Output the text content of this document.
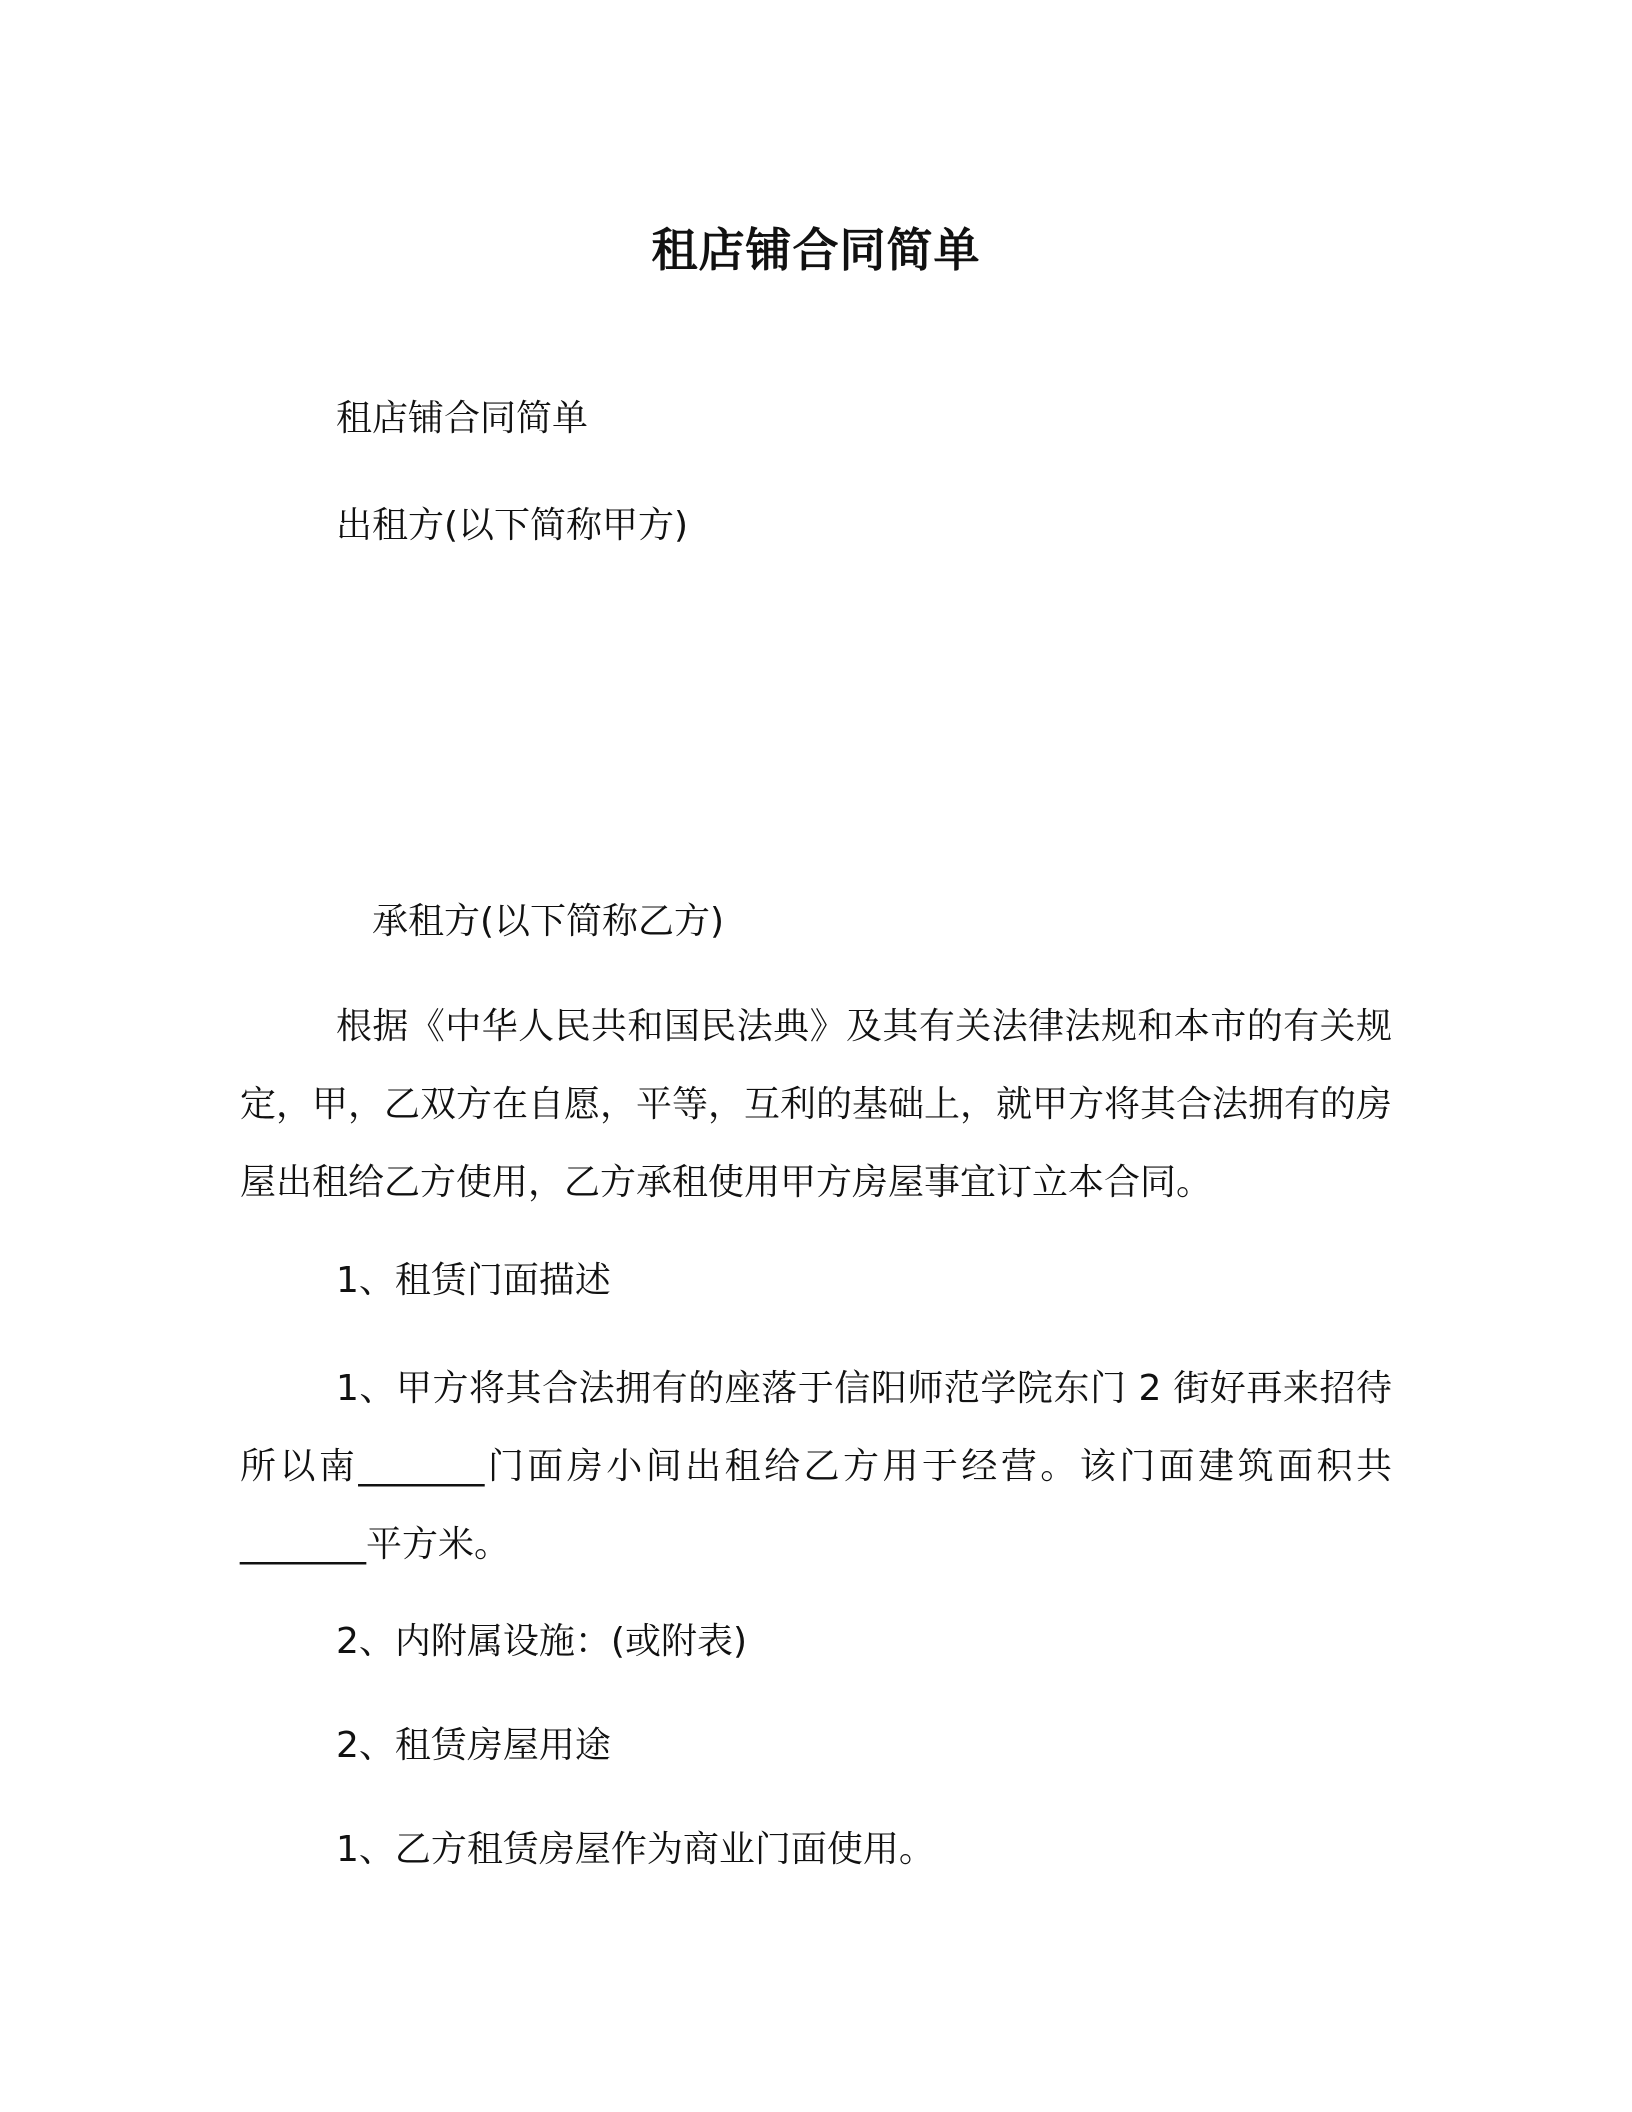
租店铺合同简单
租店铺合同简单
出租方(以下简称甲方)
承租方(以下简称乙方)
根据《中华人民共和国民法典》及其有关法律法规和本市的有关规定，甲，乙双方在自愿，平等，互利的基础上，就甲方将其合法拥有的房屋出租给乙方使用，乙方承租使用甲方房屋事宜订立本合同。
1、租赁门面描述
1、甲方将其合法拥有的座落于信阳师范学院东门 2 街好再来招待所以南_______门面房小间出租给乙方用于经营。该门面建筑面积共_______平方米。
2、内附属设施：(或附表)
2、租赁房屋用途
1、乙方租赁房屋作为商业门面使用。
